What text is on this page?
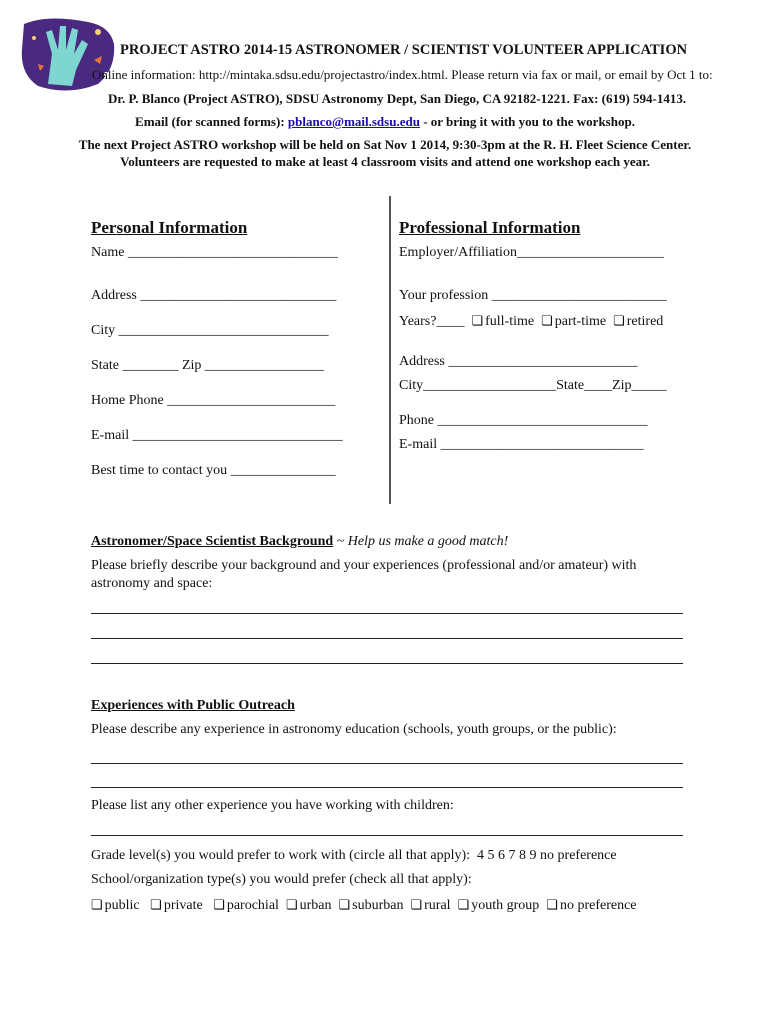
PROJECT ASTRO 2014-15 ASTRONOMER / SCIENTIST VOLUNTEER APPLICATION
Online information: http://mintaka.sdsu.edu/projectastro/index.html. Please return via fax or mail, or email by Oct 1 to:
Dr. P. Blanco (Project ASTRO), SDSU Astronomy Dept, San Diego, CA 92182-1221. Fax: (619) 594-1413.
Email (for scanned forms): pblanco@mail.sdsu.edu - or bring it with you to the workshop.
The next Project ASTRO workshop will be held on Sat Nov 1 2014, 9:30-3pm at the R. H. Fleet Science Center.
Volunteers are requested to make at least 4 classroom visits and attend one workshop each year.
Personal Information
Name ______________________________
Address ____________________________
City ______________________________
State ________ Zip _________________
Home Phone ________________________
E-mail ______________________________
Best time to contact you _______________
Professional Information
Employer/Affiliation_____________________
Your profession _________________________
Years?____ ❏ full-time ❏ part-time ❏ retired
Address ___________________________
City___________________State____Zip_____
Phone ______________________________
E-mail _____________________________
Astronomer/Space Scientist Background ~ Help us make a good match!
Please briefly describe your background and your experiences (professional and/or amateur) with
astronomy and space:
Experiences with Public Outreach
Please describe any experience in astronomy education (schools, youth groups, or the public):
Please list any other experience you have working with children:
Grade level(s) you would prefer to work with (circle all that apply): 4 5 6 7 8 9 no preference
School/organization type(s) you would prefer (check all that apply):
❏ public ❏ private ❏ parochial ❏ urban ❏ suburban ❏ rural ❏ youth group ❏ no preference
